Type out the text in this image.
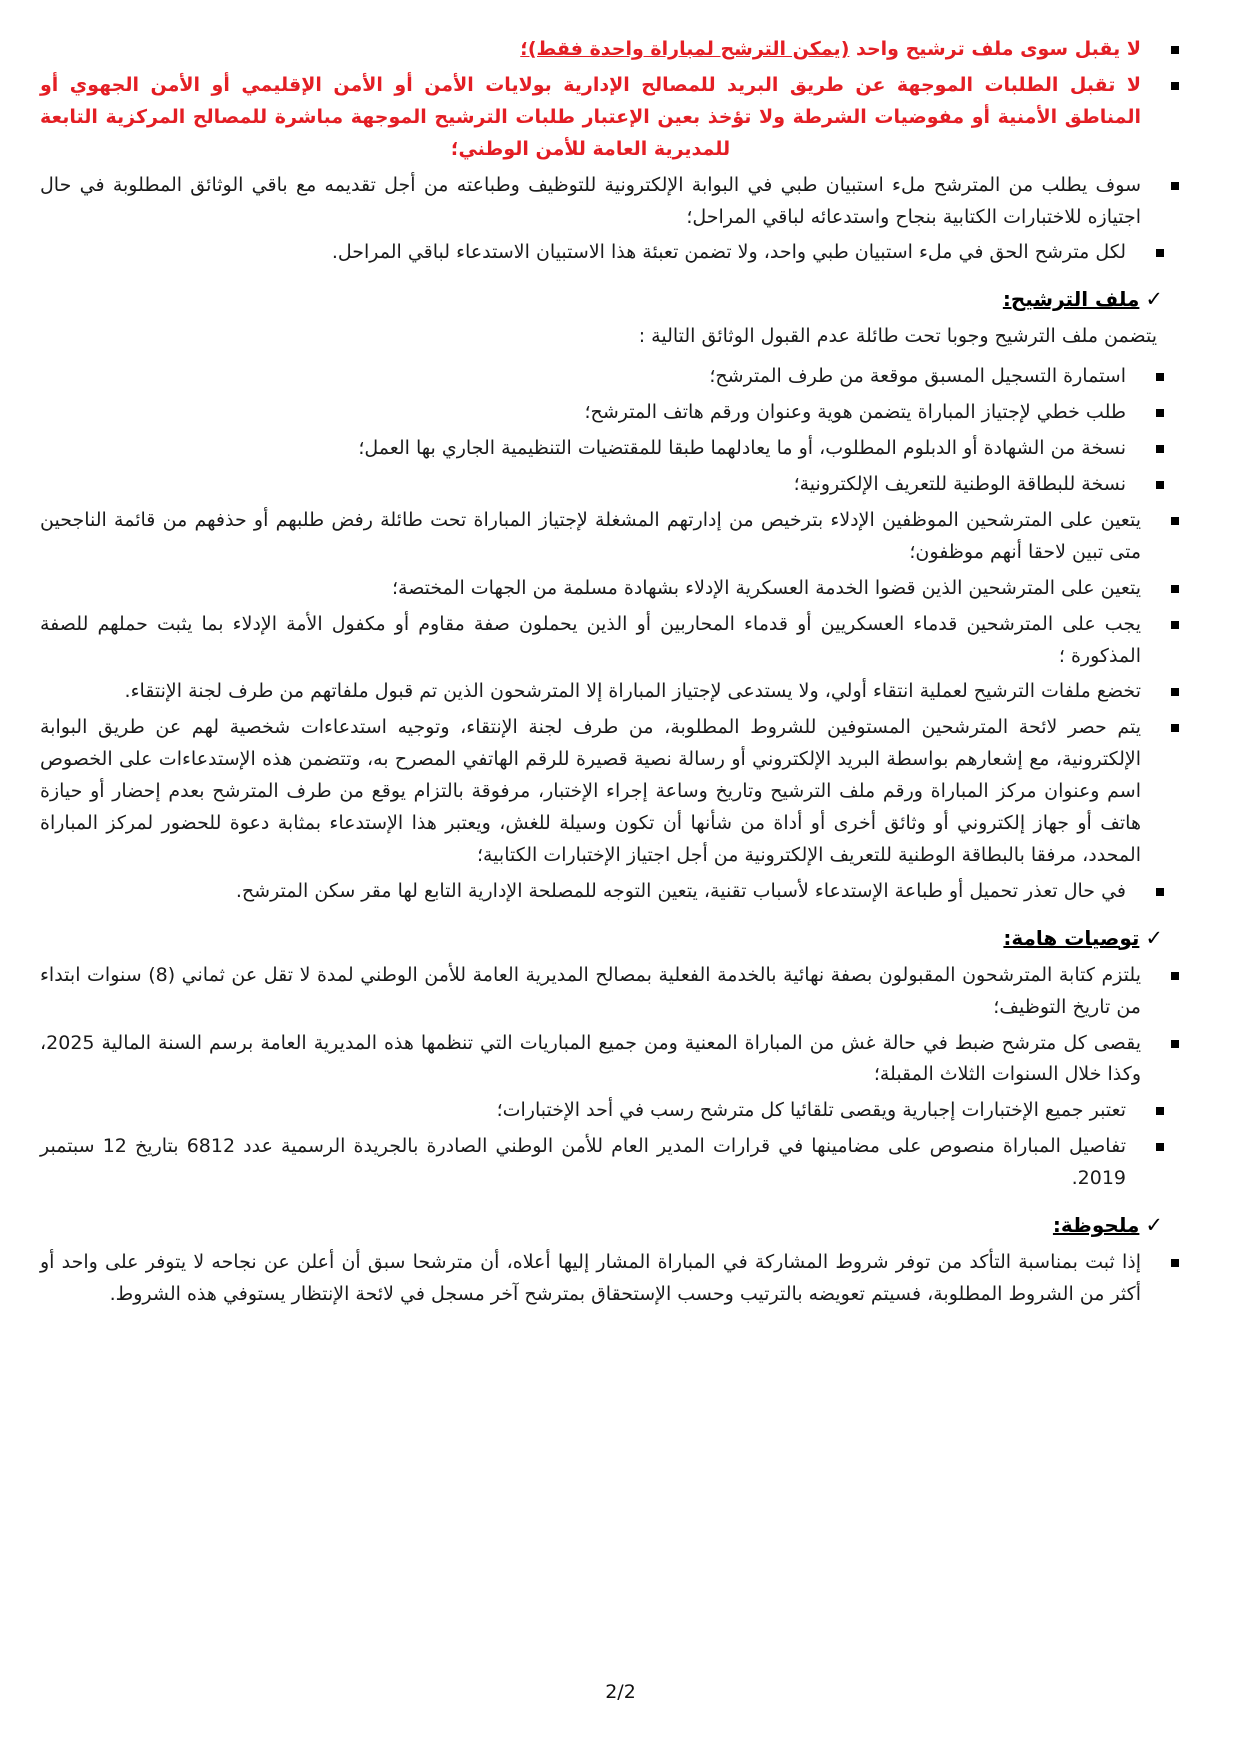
لا يقبل سوى ملف ترشيح واحد (يمكن الترشح لمباراة واحدة فقط)؛
لا تقبل الطلبات الموجهة عن طريق البريد للمصالح الإدارية بولايات الأمن أو الأمن الإقليمي أو الأمن الجهوي أو المناطق الأمنية أو مفوضيات الشرطة ولا تؤخذ بعين الإعتبار طلبات الترشيح الموجهة مباشرة للمصالح المركزية التابعة للمديرية العامة للأمن الوطني؛
سوف يطلب من المترشح ملء استبيان طبي في البوابة الإلكترونية للتوظيف وطباعته من أجل تقديمه مع باقي الوثائق المطلوبة في حال اجتيازه للاختبارات الكتابية بنجاح واستدعائه لباقي المراحل؛
لكل مترشح الحق في ملء استبيان طبي واحد، ولا تضمن تعبئة هذا الاستبيان الاستدعاء لباقي المراحل.
✓ملف الترشيح:
يتضمن ملف الترشيح وجوبا تحت طائلة عدم القبول الوثائق التالية :
استمارة التسجيل المسبق موقعة من طرف المترشح؛
طلب خطي لإجتياز المباراة يتضمن هوية وعنوان ورقم هاتف المترشح؛
نسخة من الشهادة أو الدبلوم المطلوب، أو ما يعادلهما طبقا للمقتضيات التنظيمية الجاري بها العمل؛
نسخة للبطاقة الوطنية للتعريف الإلكترونية؛
يتعين على المترشحين الموظفين الإدلاء بترخيص من إدارتهم المشغلة لإجتياز المباراة تحت طائلة رفض طلبهم أو حذفهم من قائمة الناجحين متى تبين لاحقا أنهم موظفون؛
يتعين على المترشحين الذين قضوا الخدمة العسكرية الإدلاء بشهادة مسلمة من الجهات المختصة؛
يجب على المترشحين قدماء العسكريين أو قدماء المحاربين أو الذين يحملون صفة مقاوم أو مكفول الأمة الإدلاء بما يثبت حملهم للصفة المذكورة ؛
تخضع ملفات الترشيح لعملية انتقاء أولي، ولا يستدعى لإجتياز المباراة إلا المترشحون الذين تم قبول ملفاتهم من طرف لجنة الإنتقاء.
يتم حصر لائحة المترشحين المستوفين للشروط المطلوبة، من طرف لجنة الإنتقاء، وتوجيه استدعاءات شخصية لهم عن طريق البوابة الإلكترونية، مع إشعارهم بواسطة البريد الإلكتروني أو رسالة نصية قصيرة للرقم الهاتفي المصرح به، وتتضمن هذه الإستدعاءات على الخصوص اسم وعنوان مركز المباراة ورقم ملف الترشيح وتاريخ وساعة إجراء الإختبار، مرفوقة بالتزام يوقع من طرف المترشح بعدم إحضار أو حيازة هاتف أو جهاز إلكتروني أو وثائق أخرى أو أداة من شأنها أن تكون وسيلة للغش، ويعتبر هذا الإستدعاء بمثابة دعوة للحضور لمركز المباراة المحدد، مرفقا بالبطاقة الوطنية للتعريف الإلكترونية من أجل اجتياز الإختبارات الكتابية؛
في حال تعذر تحميل أو طباعة الإستدعاء لأسباب تقنية، يتعين التوجه للمصلحة الإدارية التابع لها مقر سكن المترشح.
✓توصيات هامة:
يلتزم كتابة المترشحون المقبولون بصفة نهائية بالخدمة الفعلية بمصالح المديرية العامة للأمن الوطني لمدة لا تقل عن ثماني (8) سنوات ابتداء من تاريخ التوظيف؛
يقصى كل مترشح ضبط في حالة غش من المباراة المعنية ومن جميع المباريات التي تنظمها هذه المديرية العامة برسم السنة المالية 2025، وكذا خلال السنوات الثلاث المقبلة؛
تعتبر جميع الإختبارات إجبارية ويقصى تلقائيا كل مترشح رسب في أحد الإختبارات؛
تفاصيل المباراة منصوص على مضامينها في قرارات المدير العام للأمن الوطني الصادرة بالجريدة الرسمية عدد 6812 بتاريخ 12 سبتمبر 2019.
✓ملحوظة:
إذا ثبت بمناسبة التأكد من توفر شروط المشاركة في المباراة المشار إليها أعلاه، أن مترشحا سبق أن أعلن عن نجاحه لا يتوفر على واحد أو أكثر من الشروط المطلوبة، فسيتم تعويضه بالترتيب وحسب الإستحقاق بمترشح آخر مسجل في لائحة الإنتظار يستوفي هذه الشروط.
2/2
